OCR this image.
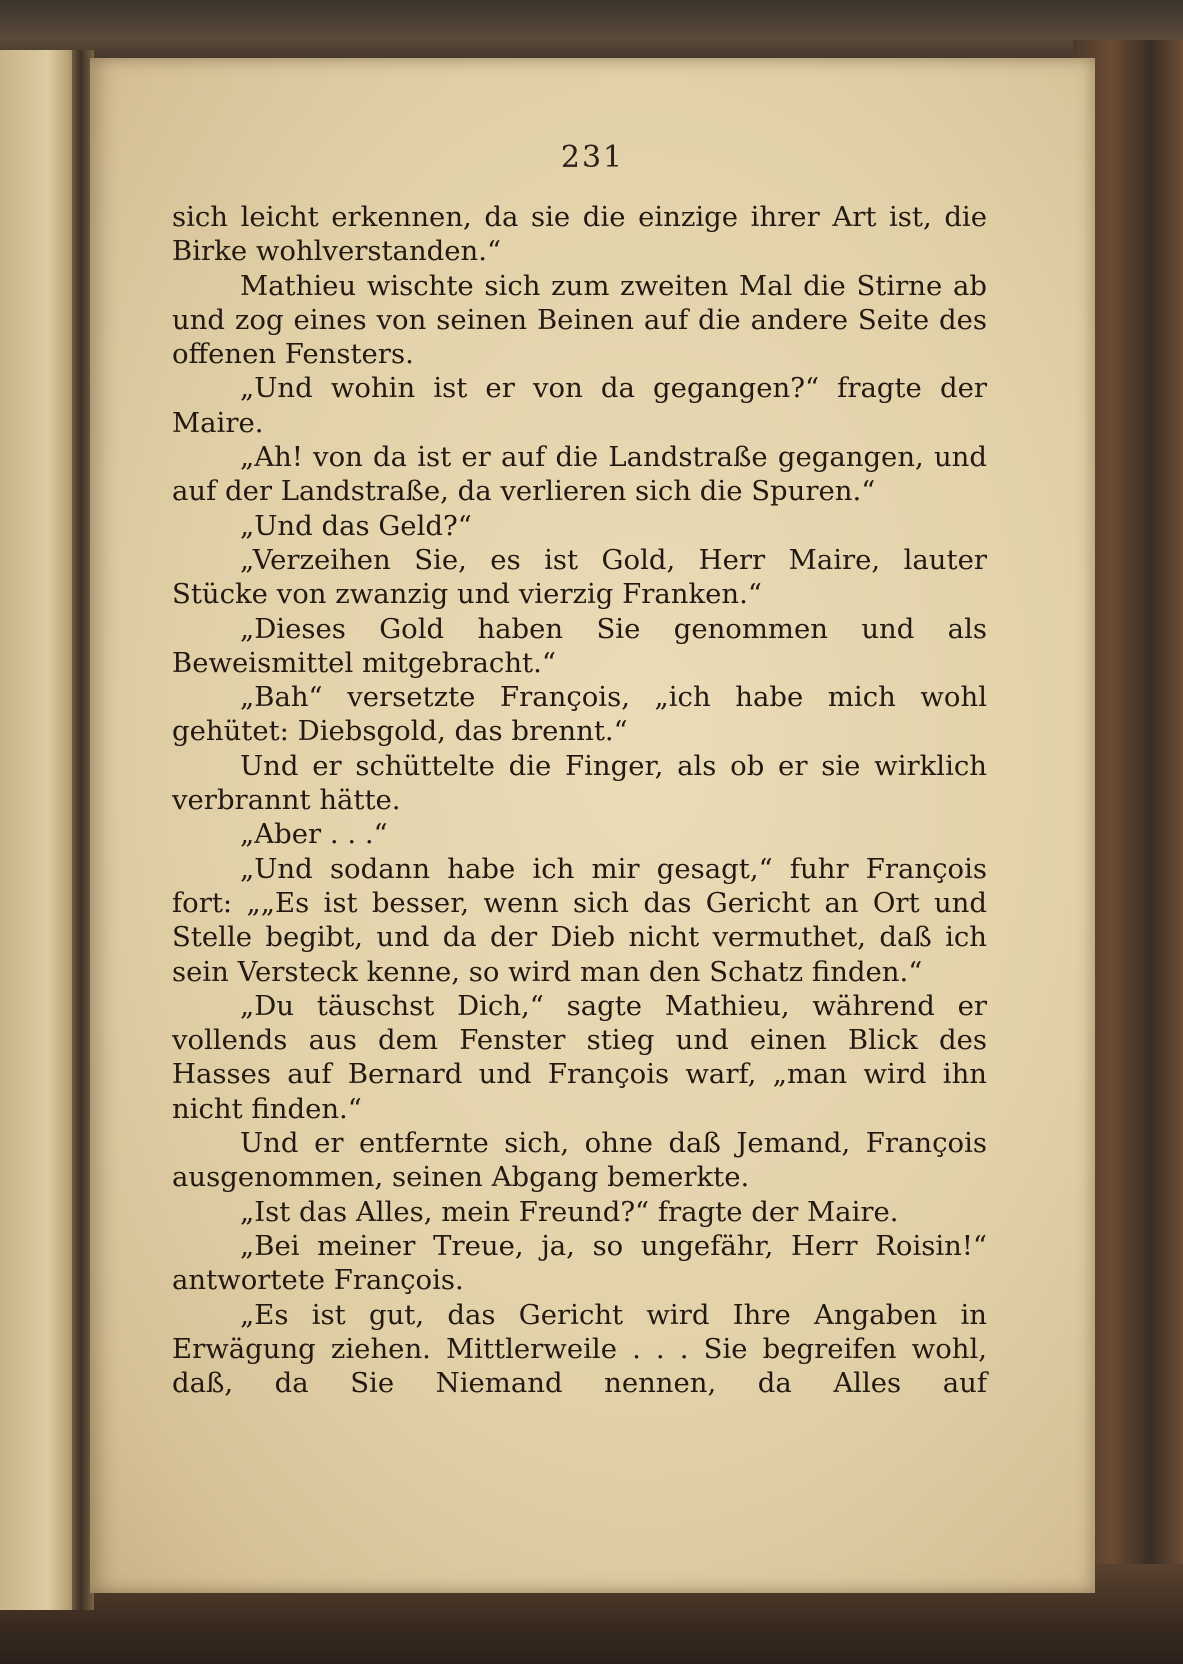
231

sich leicht erkennen, da sie die einzige ihrer Art ist, die Birke wohlverstanden.“

Mathieu wischte sich zum zweiten Mal die Stirne ab und zog eines von seinen Beinen auf die andere Seite des offenen Fensters.

„Und wohin ist er von da gegangen?“ fragte der Maire.

„Ah! von da ist er auf die Landstraße gegangen, und auf der Landstraße, da verlieren sich die Spuren.“

„Und das Geld?“

„Verzeihen Sie, es ist Gold, Herr Maire, lauter Stücke von zwanzig und vierzig Franken.“

„Dieses Gold haben Sie genommen und als Beweismittel mitgebracht.“

„Bah“ versetzte François, „ich habe mich wohl gehütet: Diebsgold, das brennt.“

Und er schüttelte die Finger, als ob er sie wirklich verbrannt hätte.

„Aber . . .“

„Und sodann habe ich mir gesagt,“ fuhr François fort: „„Es ist besser, wenn sich das Gericht an Ort und Stelle begibt, und da der Dieb nicht vermuthet, daß ich sein Versteck kenne, so wird man den Schatz finden.“

„Du täuschst Dich,“ sagte Mathieu, während er vollends aus dem Fenster stieg und einen Blick des Hasses auf Bernard und François warf, „man wird ihn nicht finden.“

Und er entfernte sich, ohne daß Jemand, François ausgenommen, seinen Abgang bemerkte.

„Ist das Alles, mein Freund?“ fragte der Maire.

„Bei meiner Treue, ja, so ungefähr, Herr Roisin!“ antwortete François.

„Es ist gut, das Gericht wird Ihre Angaben in Erwägung ziehen. Mittlerweile . . . Sie begreifen wohl, daß, da Sie Niemand nennen, da Alles auf
